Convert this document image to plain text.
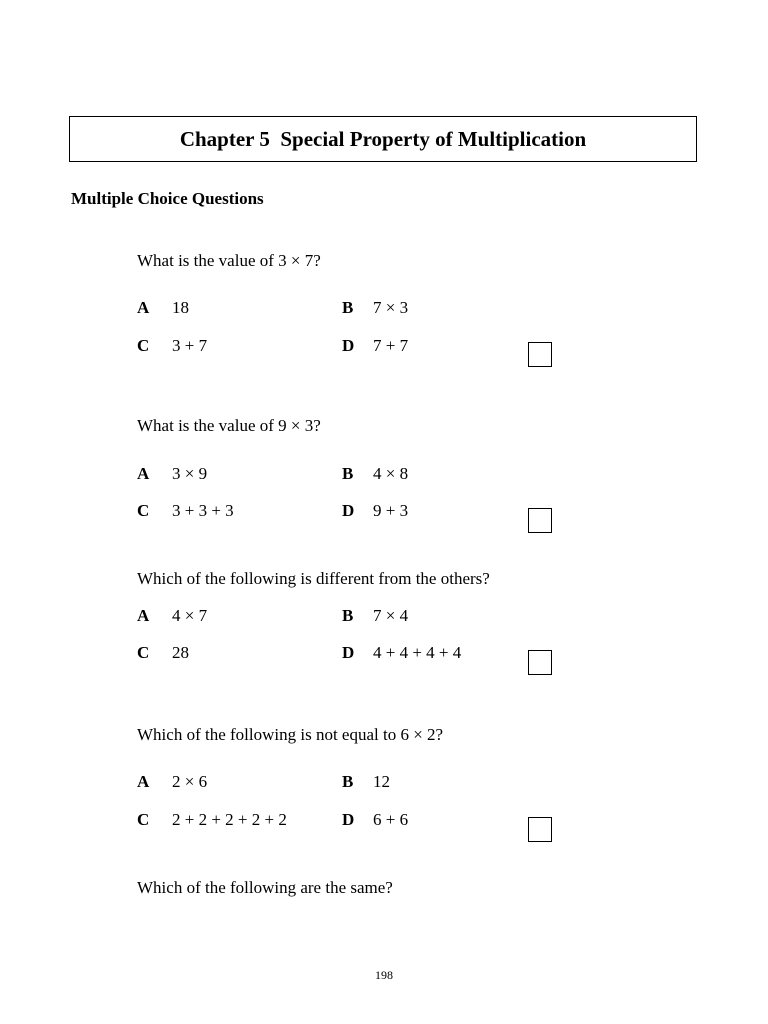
Chapter 5  Special Property of Multiplication
Multiple Choice Questions
What is the value of 3 × 7?
A 18	B 7 × 3
C 3 + 7	D 7 + 7
What is the value of 9 × 3?
A 3 × 9	B 4 × 8
C 3 + 3 + 3	D 9 + 3
Which of the following is different from the others?
A 4 × 7	B 7 × 4
C 28	D 4 + 4 + 4 + 4
Which of the following is not equal to 6 × 2?
A 2 × 6	B 12
C 2 + 2 + 2 + 2 + 2	D 6 + 6
Which of the following are the same?
198
